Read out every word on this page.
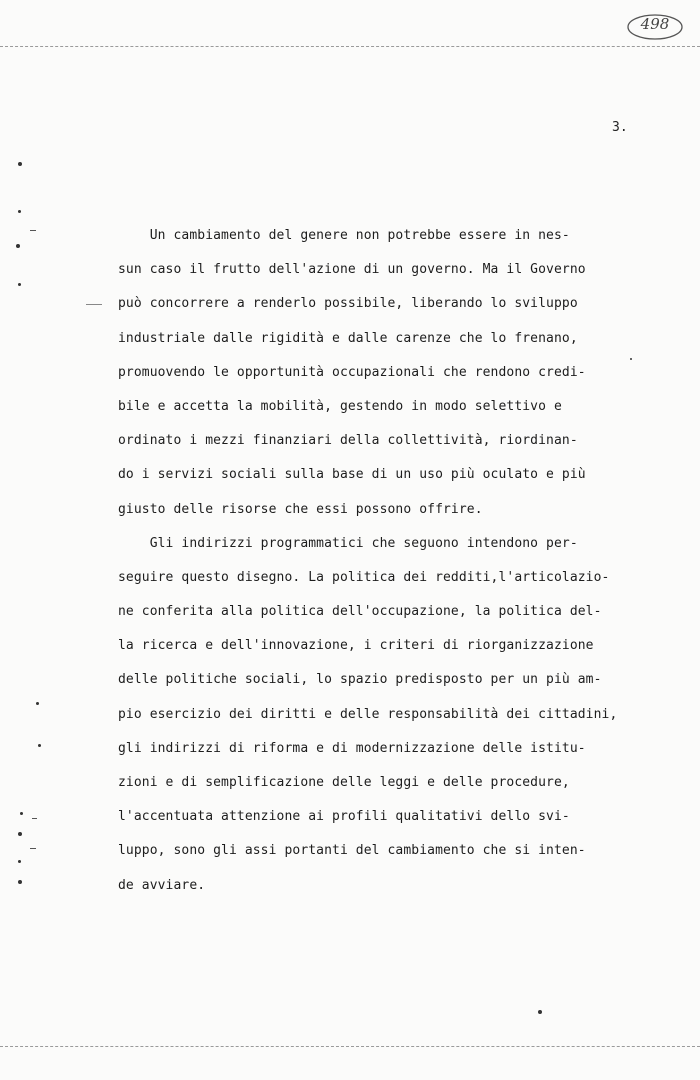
498
3.
Un cambiamento del genere non potrebbe essere in nes-
sun caso il frutto dell'azione di un governo. Ma il Governo
può concorrere a renderlo possibile, liberando lo sviluppo
industriale dalle rigidità e dalle carenze che lo frenano,
promuovendo le opportunità occupazionali che rendono credi-
bile e accetta la mobilità, gestendo in modo selettivo e
ordinato i mezzi finanziari della collettività, riordinan-
do i servizi sociali sulla base di un uso più oculato e più
giusto delle risorse che essi possono offrire.
Gli indirizzi programmatici che seguono intendono per-
seguire questo disegno. La politica dei redditi,l'articolazio-
ne conferita alla politica dell'occupazione, la politica del-
la ricerca e dell'innovazione, i criteri di riorganizzazione
delle politiche sociali, lo spazio predisposto per un più am-
pio esercizio dei diritti e delle responsabilità dei cittadini,
gli indirizzi di riforma e di modernizzazione delle istitu-
zioni e di semplificazione delle leggi e delle procedure,
l'accentuata attenzione ai profili qualitativi dello svi-
luppo, sono gli assi portanti del cambiamento che si inten-
de avviare.
